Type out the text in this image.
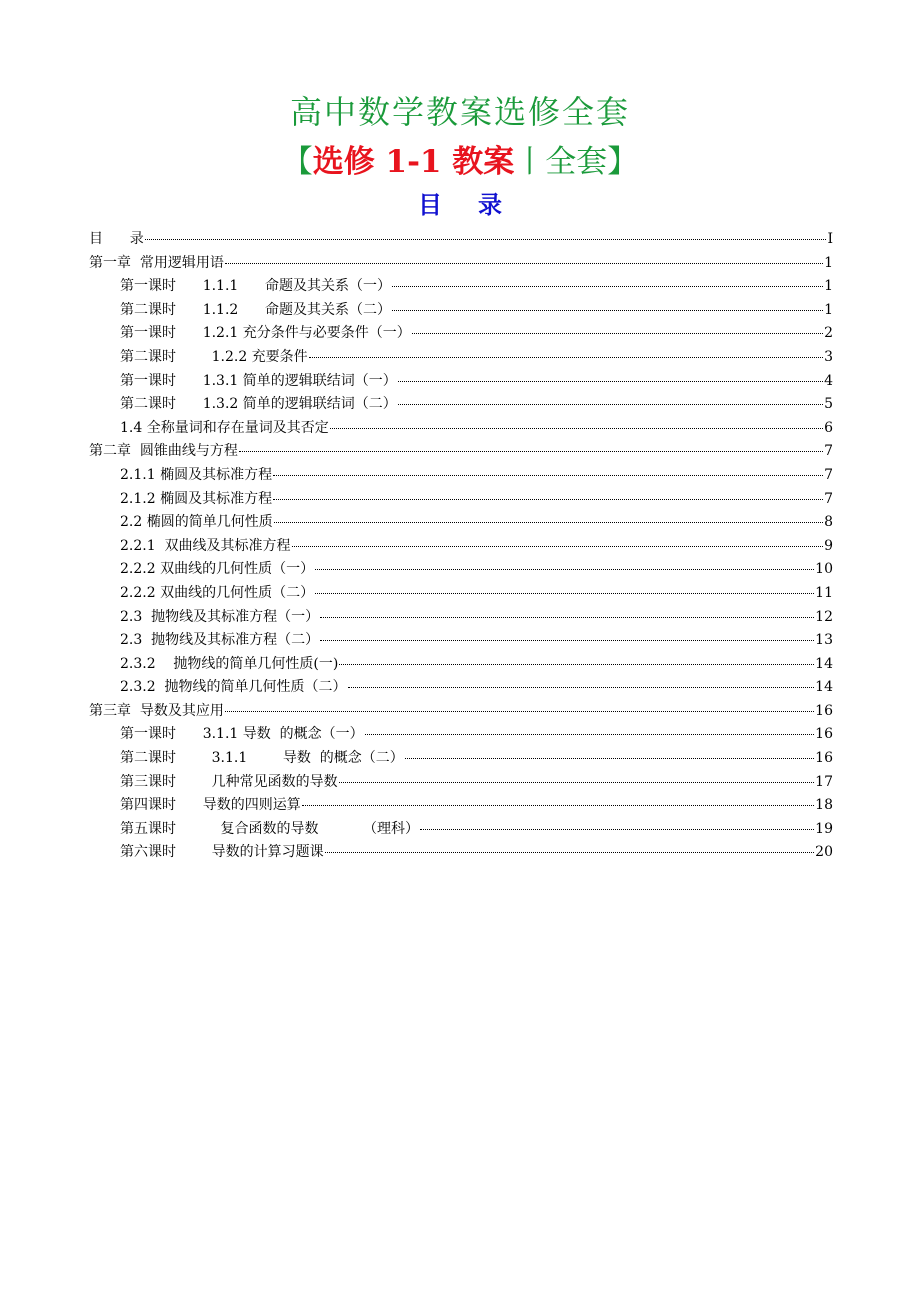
高中数学教案选修全套
【选修 1-1 教案丨全套】
目 录
目      录	I
第一章  常用逻辑用语	1
第一课时      1.1.1      命题及其关系（一）	1
第二课时      1.1.2      命题及其关系（二）	1
第一课时      1.2.1 充分条件与必要条件（一）	2
第二课时        1.2.2 充要条件	3
第一课时      1.3.1 简单的逻辑联结词（一）	4
第二课时      1.3.2 简单的逻辑联结词（二）	5
1.4 全称量词和存在量词及其否定	6
第二章  圆锥曲线与方程	7
2.1.1 椭圆及其标准方程	7
2.1.2 椭圆及其标准方程	7
2.2 椭圆的简单几何性质	8
2.2.1  双曲线及其标准方程	9
2.2.2 双曲线的几何性质（一）	10
2.2.2 双曲线的几何性质（二）	11
2.3  抛物线及其标准方程（一）	12
2.3  抛物线及其标准方程（二）	13
2.3.2    抛物线的简单几何性质(一)	14
2.3.2  抛物线的简单几何性质（二）	14
第三章  导数及其应用	16
第一课时      3.1.1 导数  的概念（一）	16
第二课时        3.1.1        导数  的概念（二）	16
第三课时        几种常见函数的导数	17
第四课时      导数的四则运算	18
第五课时          复合函数的导数          （理科）	19
第六课时        导数的计算习题课	20
